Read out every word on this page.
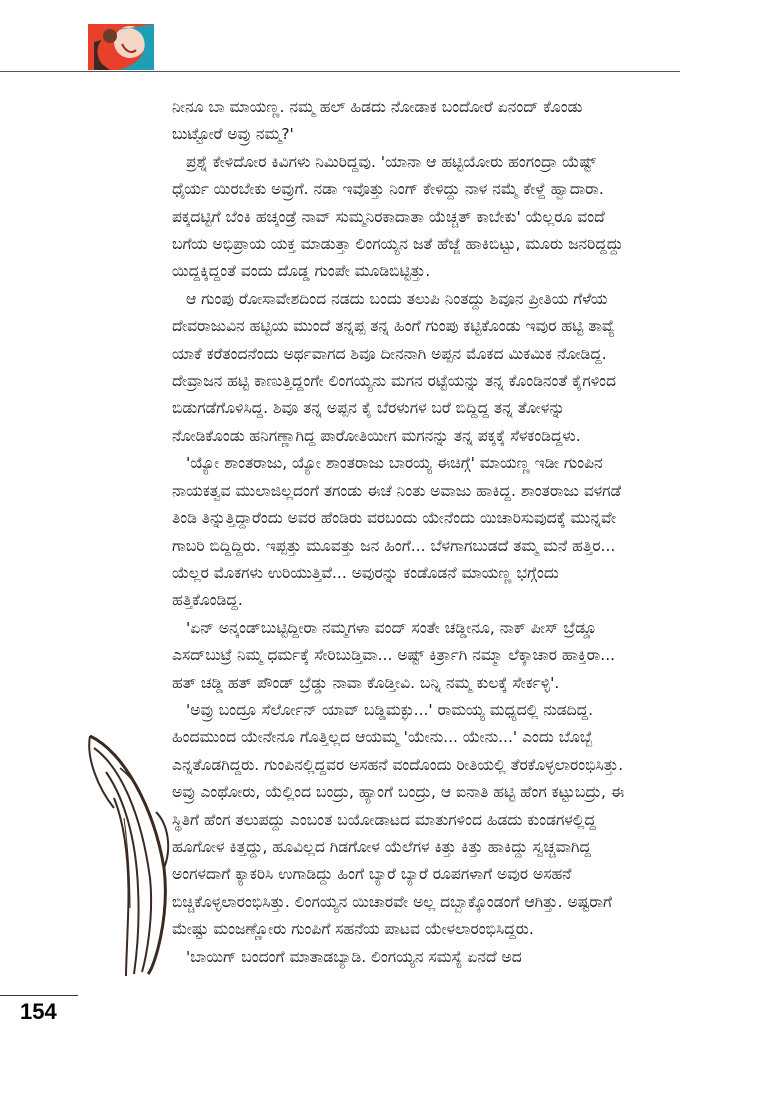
ನೀನೂ ಬಾ ಮಾಯಣ್ಣ. ನಮ್ಮ ಹಲ್ ಹಿಡದು ನೋಡಾಕ ಬಂದೋರೆ ಏನಂದ್ ಕೊಂಡು ಬುಟ್ಟೋರೆ ಅವ್ರು ನಮ್ಮ?'

ಪ್ರಶ್ನೆ ಕೇಳಿದೋರ ಕಿವಿಗಳು ನಿಮಿರಿದ್ದವು. 'ಯಾನಾ ಆ ಹಟ್ಟಿಯೋರು ಹಂಗಂದ್ರಾ ಯೆಷ್ಟ್ ಧೈರ್ಯ ಯಿರಬೇಕು ಅವ್ರುಗೆ. ನಡಾ ಇವೊತ್ತು ನಿಂಗ್ ಕೇಳಿದ್ದು ನಾಳ ನಮ್ಮೆ ಕೇಳ್ದೆ ಹ್ವಾದಾರಾ. ಪಕ್ಕದಟ್ಟಿಗೆ ಬೆಂಕಿ ಹಚ್ಕಂಡ್ರೆ ನಾವ್ ಸುಮ್ಮನಿರಕಾದಾತಾ ಯೆಚ್ಚತ್ ಕಾಬೇಕು' ಯೆಲ್ಲರೂ ವಂದೆ ಬಗೆಯ ಅಭಿಪ್ರಾಯ ಯಕ್ತ ಮಾಡುತ್ತಾ ಲಿಂಗಯ್ಯನ ಜತೆ ಹೆಜ್ಜೆ ಹಾಕಿಬಿಟ್ಟು, ಮೂರು ಜನರಿದ್ದದ್ದು ಯಿದ್ದಕ್ಕಿದ್ದಂತೆ ವಂದು ದೊಡ್ಡ ಗುಂಪೇ ಮೂಡಿಬಿಟ್ಟಿತ್ತು.

ಆ ಗುಂಪು ರೋಸಾವೇಶದಿಂದ ನಡದು ಬಂದು ತಲುಪಿ ನಿಂತದ್ದು ಶಿವೂನ ಪ್ರೀತಿಯ ಗೆಳೆಯ ದೇವರಾಜುವಿನ ಹಟ್ಟಿಯ ಮುಂದೆ ತನ್ನಪ್ಪ ತನ್ನ ಹಿಂಗೆ ಗುಂಪು ಕಟ್ಟಿಕೊಂಡು ಇವುರ ಹಟ್ಟಿ ತಾವ್ಯೆ ಯಾಕೆ ಕರೆತಂದನೆಂದು ಅರ್ಥವಾಗದ ಶಿವೂ ದೀನನಾಗಿ ಅಪ್ಪನ ಮೊಕದ ಮಿಕಮಿಕ ನೋಡಿದ್ದ. ದೇವ್ರಾಜನ ಹಟ್ಟಿ ಕಾಣುತ್ತಿದ್ದಂಗೇ ಲಿಂಗಯ್ಯನು ಮಗನ ರಟ್ಟೆಯನ್ನು ತನ್ನ ಕೊಂಡಿನಂತೆ ಕೈಗಳಿಂದ ಬಿಡುಗಡೆಗೊಳಿಸಿದ್ದ. ಶಿವೂ ತನ್ನ ಅಪ್ಪನ ಕೈ ಬೆರಳುಗಳ ಬರೆ ಬಿದ್ದಿದ್ದ ತನ್ನ ತೋಳನ್ನು ನೋಡಿಕೊಂಡು ಹನಿಗಣ್ಣಾಗಿದ್ದ ಪಾರೋತಿಯೀಗ ಮಗನನ್ನು ತನ್ನ ಪಕ್ಕಕ್ಕೆ ಸೆಳಕಂಡಿದ್ದಳು.

'ಯ್ಯೋ ಶಾಂತರಾಜು, ಯ್ಯೋ ಶಾಂತರಾಜು ಬಾರಯ್ಯ ಈಚಿಗ್ಗೆ' ಮಾಯಣ್ಣ ಇಡೀ ಗುಂಪಿನ ನಾಯಕತ್ವವ ಮುಲಾಜಿಲ್ಲದಂಗೆ ತಗಂಡು ಈಚೆ ನಿಂತು ಅವಾಜು ಹಾಕಿದ್ದ. ಶಾಂತರಾಜು ವಳಗಡೆ ತಿಂಡಿ ತಿನ್ನುತ್ತಿದ್ದಾರೆಂದು ಅವರ ಹೆಂಡಿರು ವರಬಂದು ಯೇನೆಂದು ಯಿಚಾರಿಸುವುದಕ್ಕೆ ಮುನ್ನವೇ ಗಾಬರಿ ಬಿದ್ದಿದ್ದಿರು. ಇಪ್ಪತ್ತು ಮೂವತ್ತು ಜನ ಹಿಂಗೆ... ಬೆಳಗಾಗಬುಡದೆ ತಮ್ಮ ಮನೆ ಹತ್ತಿರ... ಯೆಲ್ಲರ ಮೊಕಗಳು ಉರಿಯುತ್ತಿವೆ... ಅವುರನ್ನು ಕಂಡೊಡನೆ ಮಾಯಣ್ಣ ಭಗ್ಗೆಂದು ಹತ್ತಿಕೊಂಡಿದ್ದ.

'ಏನ್ ಅನ್ಕಂಡ್‌ಬುಟ್ಟಿದ್ದೀರಾ ನಮ್ಮಗಳಾ ವಂದ್ ಸಂತೇ ಚಡ್ಡೀನೂ, ನಾಕ್ ಪೀಸ್ ಬ್ರೆಡ್ಡೂ ಎಸದ್‌ಬುಟ್ರೆ ನಿಮ್ಮ ಧರ್ಮಕ್ಕೆ ಸೇರಿಬುಡ್ತಿವಾ... ಅಷ್ಟ್ ಕಿರ್ತ್ರಾಗಿ ನಮ್ಮಾ ಲೆಕ್ಕಾಚಾರ ಹಾಕ್ತಿರಾ... ಹತ್ ಚಡ್ಡಿ ಹತ್ ಪೌಂಡ್ ಬ್ರೆಡ್ಡು ನಾವಾ ಕೊಡ್ತೀವಿ. ಬನ್ನಿ ನಮ್ಮ ಕುಲಕ್ಕೆ ಸೇರ್ಕಳ್ಳಿ'.

'ಅವ್ರು ಬಂದ್ರೂ ಸೆರ್ಲೋನ್ ಯಾವ್ ಬಡ್ಡಿಮಕ್ಳು...' ರಾಮಯ್ಯ ಮಧ್ಯದಲ್ಲಿ ನುಡದಿದ್ದ. ಹಿಂದಮುಂದ ಯೇನೇನೂ ಗೊತ್ತಿಲ್ಲದ ಆಯಮ್ಮ 'ಯೇನು... ಯೇನು...' ಎಂದು ಬೊಬ್ಬೆ ಎನ್ನತೊಡಗಿದ್ದರು. ಗುಂಪಿನಲ್ಲಿದ್ದವರ ಅಸಹನೆ ವಂದೊಂದು ರೀತಿಯಲ್ಲಿ ತೆರಕೊಳ್ಳಲಾರಂಭಿಸಿತ್ತು. ಅವ್ರು ಎಂಥೋರು, ಯೆಲ್ಲಿಂದ ಬಂದ್ರು, ಹ್ಯಾಂಗೆ ಬಂದ್ರು, ಆ ಐನಾತಿ ಹಟ್ಟಿ ಹೆಂಗ ಕಟ್ಟುಬದ್ರು, ಈ ಸ್ಥಿತಿಗೆ ಹೆಂಗ ತಲುಪದ್ದು ಎಂಬಂತ ಬಯೋಡಾಟದ ಮಾತುಗಳಿಂದ ಹಿಡದು ಕುಂಡಗಳಲ್ಲಿದ್ದ ಹೂಗೋಳ ಕಿತ್ತದ್ದು, ಹೂವಿಲ್ಲದ ಗಿಡಗೋಳ ಯೆಲೆಗಳ ಕಿತ್ತು ಕಿತ್ತು ಹಾಕಿದ್ದು ಸ್ವಚ್ಚವಾಗಿದ್ದ ಅಂಗಳದಾಗೆ ಕ್ಯಾಕರಿಸಿ ಉಗಾಡಿದ್ದು ಹಿಂಗೆ ಬ್ಯಾರೆ ಬ್ಯಾರೆ ರೂಪಗಳಾಗೆ ಅವುರ ಅಸಹನೆ ಬಿಚ್ಚಿಕೊಳ್ಳಲಾರಂಭಿಸಿತ್ತು. ಲಿಂಗಯ್ಯನ ಯಿಚಾರವೇ ಅಲ್ಲ ದಬ್ಬಾಕ್ಕೊಂಡಂಗೆ ಆಗಿತ್ತು. ಅಷ್ಟರಾಗೆ ಮೇಷ್ಟು ಮಂಜಣ್ಣೋರು ಗುಂಪಿಗೆ ಸಹನೆಯ ಪಾಟವ ಯೇಳಲಾರಂಭಿಸಿದ್ದರು.

'ಬಾಯಿಗ್ ಬಂದಂಗೆ ಮಾತಾಡಬ್ಯಾಡಿ. ಲಿಂಗಯ್ಯನ ಸಮಸ್ಯೆ ಏನದೆ ಅದ

154
